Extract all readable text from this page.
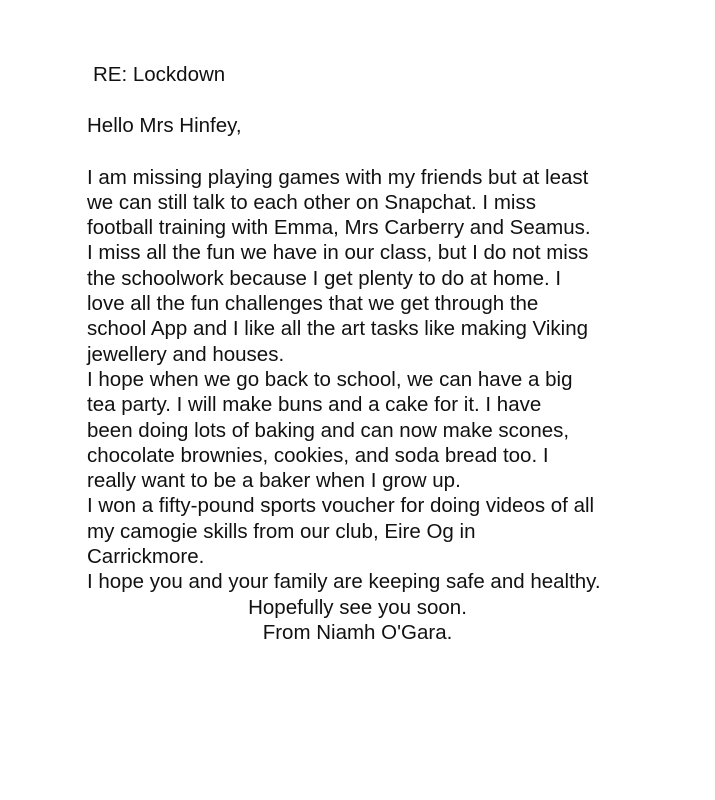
RE: Lockdown
Hello Mrs Hinfey,
I am missing playing games with my friends but at least
we can still talk to each other on Snapchat. I miss
football training with Emma, Mrs Carberry and Seamus.
I miss all the fun we have in our class, but I do not miss
the schoolwork because I get plenty to do at home. I
love all the fun challenges that we get through the
school App and I like all the art tasks like making Viking
jewellery and houses.
I hope when we go back to school, we can have a big
tea party. I will make buns and a cake for it. I have
been doing lots of baking and can now make scones,
chocolate brownies, cookies, and soda bread too. I
really want to be a baker when I grow up.
I won a fifty-pound sports voucher for doing videos of all
my camogie skills from our club, Eire Og in
Carrickmore.
I hope you and your family are keeping safe and healthy.
Hopefully see you soon.
From Niamh O'Gara.
